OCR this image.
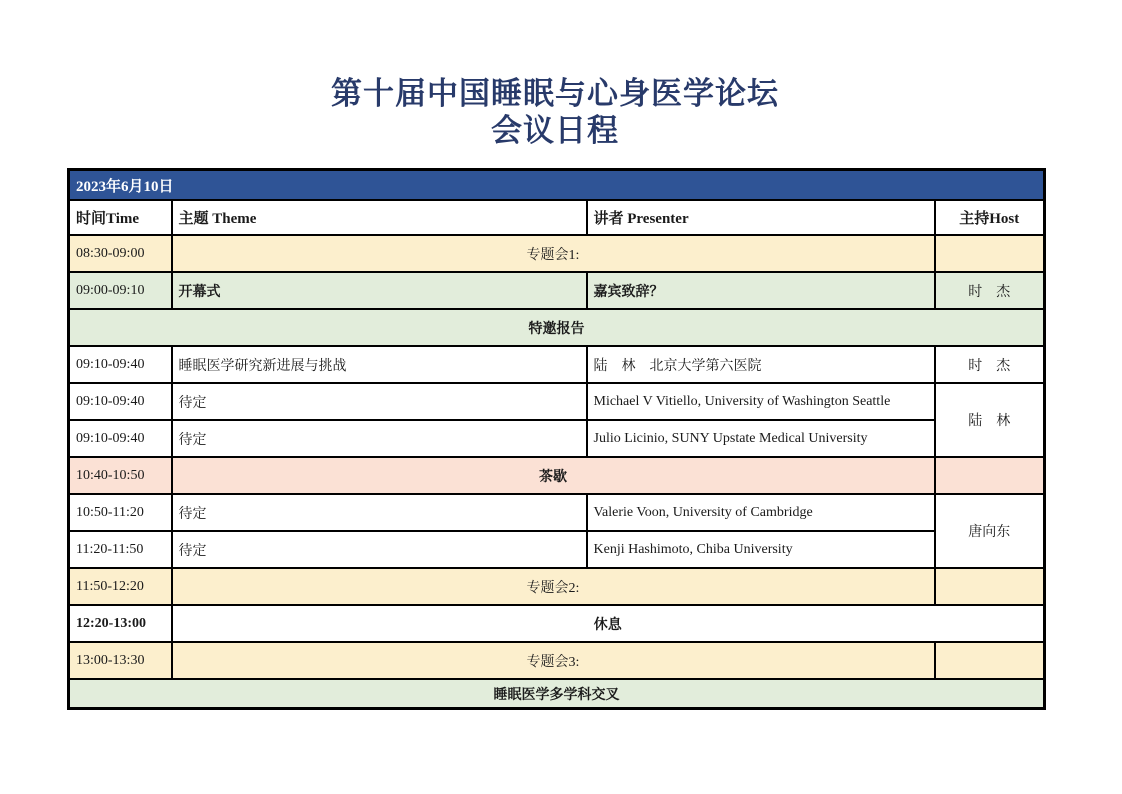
第十届中国睡眠与心身医学论坛
会议日程
2023年6月10日			
时间Time	主题 Theme	讲者 Presenter	主持Host
08:30-09:00	专题会1:		
09:00-09:10	开幕式	嘉宾致辞？	时　杰
特邀报告			
09:10-09:40	睡眠医学研究新进展与挑战	陆　林　北京大学第六医院	时　杰
09:10-09:40	待定	Michael V Vitiello, University of Washington Seattle	陆　林
09:10-09:40	待定	Julio Licinio, SUNY Upstate Medical University	
10:40-10:50	茶歇		
10:50-11:20	待定	Valerie Voon, University of Cambridge	唐向东
11:20-11:50	待定	Kenji Hashimoto, Chiba University	
11:50-12:20	专题会2:		
12:20-13:00	休息		
13:00-13:30	专题会3:		
睡眠医学多学科交叉			
